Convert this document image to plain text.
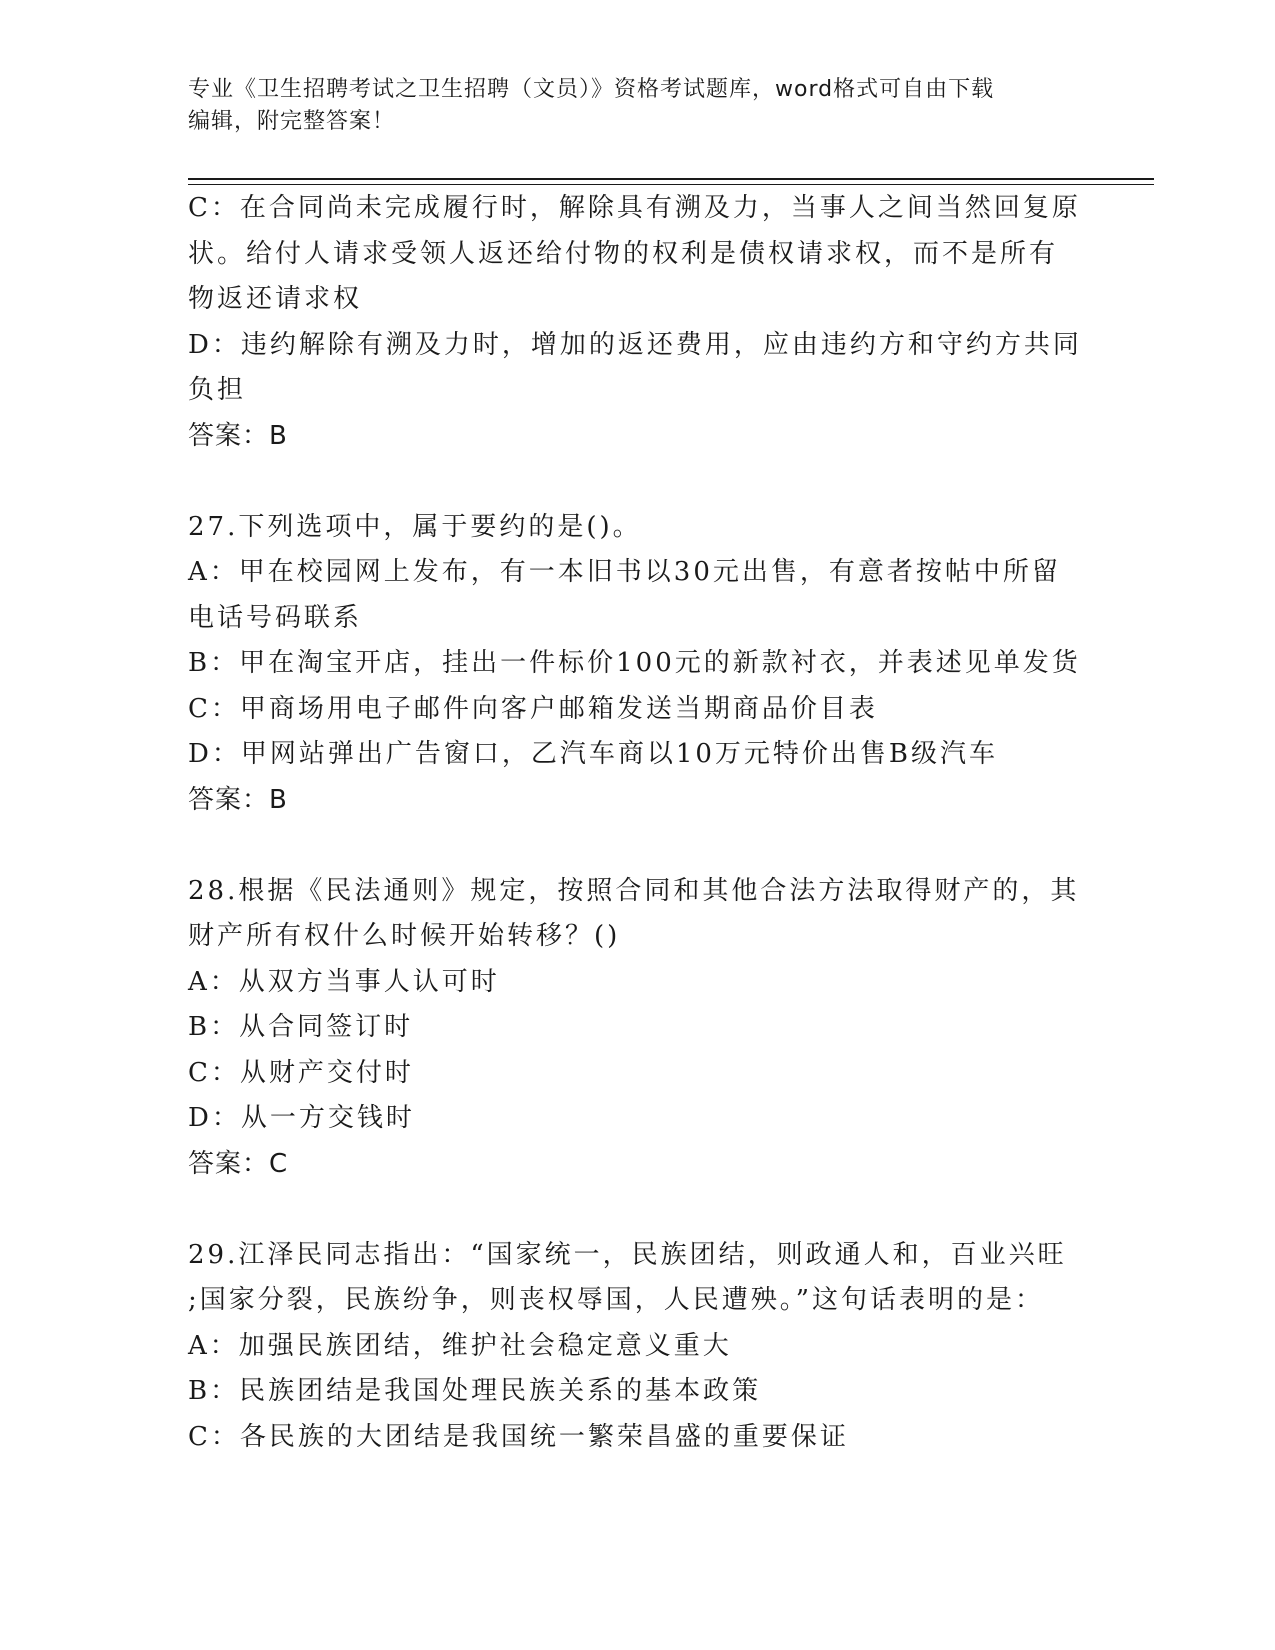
专业《卫生招聘考试之卫生招聘（文员）》资格考试题库，word格式可自由下载
编辑，附完整答案！
C：在合同尚未完成履行时，解除具有溯及力，当事人之间当然回复原
状。给付人请求受领人返还给付物的权利是债权请求权，而不是所有
物返还请求权
D：违约解除有溯及力时，增加的返还费用，应由违约方和守约方共同
负担
答案：B
27.下列选项中，属于要约的是()。
A：甲在校园网上发布，有一本旧书以30元出售，有意者按帖中所留
电话号码联系
B：甲在淘宝开店，挂出一件标价100元的新款衬衣，并表述见单发货
C：甲商场用电子邮件向客户邮箱发送当期商品价目表
D：甲网站弹出广告窗口，乙汽车商以10万元特价出售B级汽车
答案：B
28.根据《民法通则》规定，按照合同和其他合法方法取得财产的，其
财产所有权什么时候开始转移？()
A：从双方当事人认可时
B：从合同签订时
C：从财产交付时
D：从一方交钱时
答案：C
29.江泽民同志指出：“国家统一，民族团结，则政通人和，百业兴旺
;国家分裂，民族纷争，则丧权辱国，人民遭殃。”这句话表明的是：
A：加强民族团结，维护社会稳定意义重大
B：民族团结是我国处理民族关系的基本政策
C：各民族的大团结是我国统一繁荣昌盛的重要保证
